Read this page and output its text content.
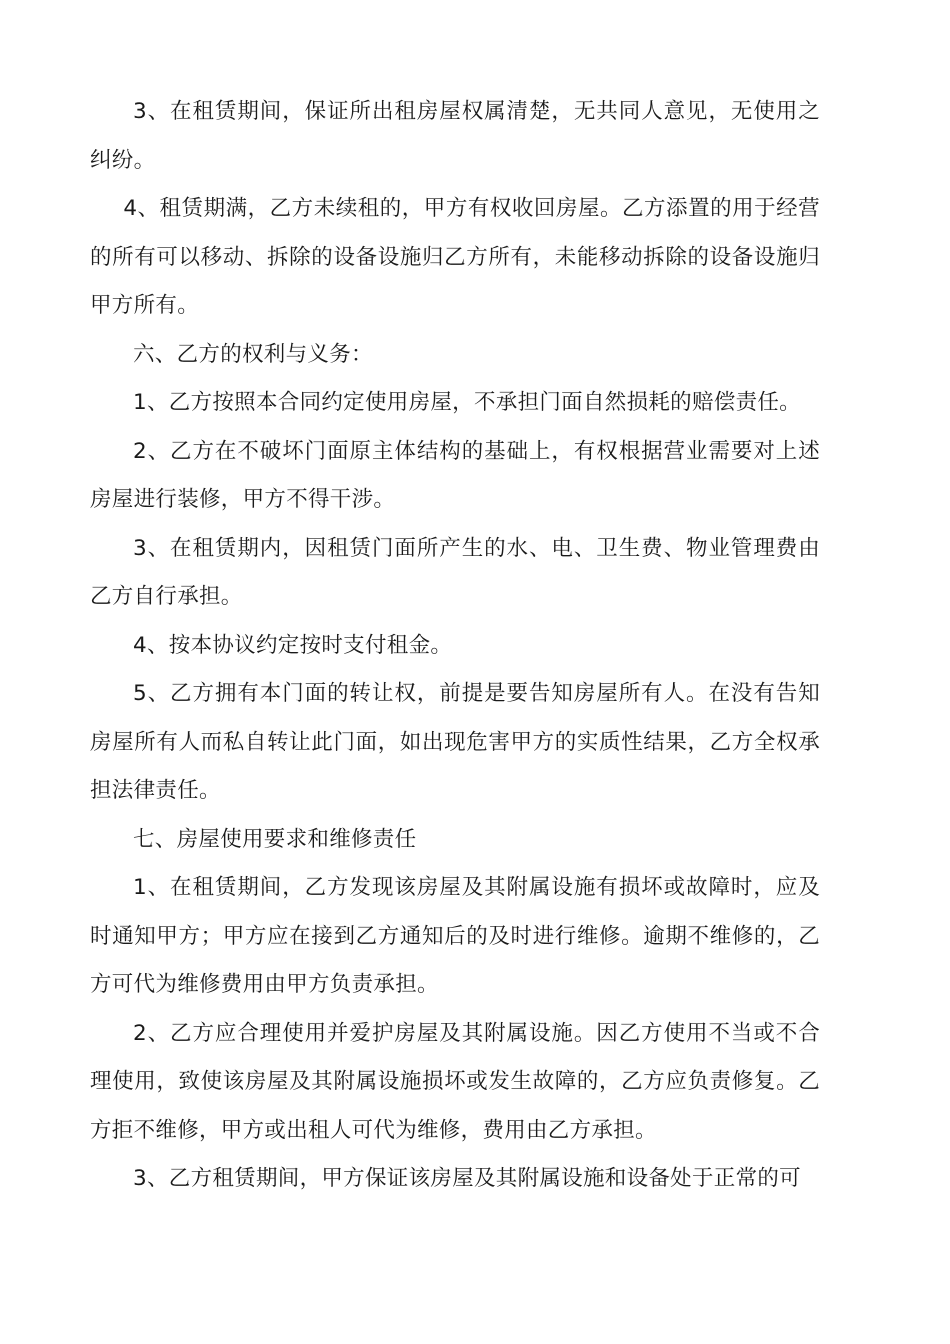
3、在租赁期间，保证所出租房屋权属清楚，无共同人意见，无使用之纠纷。

4、租赁期满，乙方未续租的，甲方有权收回房屋。乙方添置的用于经营的所有可以移动、拆除的设备设施归乙方所有，未能移动拆除的设备设施归甲方所有。

六、乙方的权利与义务：

1、乙方按照本合同约定使用房屋，不承担门面自然损耗的赔偿责任。

2、乙方在不破坏门面原主体结构的基础上，有权根据营业需要对上述房屋进行装修，甲方不得干涉。

3、在租赁期内，因租赁门面所产生的水、电、卫生费、物业管理费由乙方自行承担。

4、按本协议约定按时支付租金。

5、乙方拥有本门面的转让权，前提是要告知房屋所有人。在没有告知房屋所有人而私自转让此门面，如出现危害甲方的实质性结果，乙方全权承担法律责任。

七、房屋使用要求和维修责任

1、在租赁期间，乙方发现该房屋及其附属设施有损坏或故障时，应及时通知甲方；甲方应在接到乙方通知后的及时进行维修。逾期不维修的，乙方可代为维修费用由甲方负责承担。

2、乙方应合理使用并爱护房屋及其附属设施。因乙方使用不当或不合理使用，致使该房屋及其附属设施损坏或发生故障的，乙方应负责修复。乙方拒不维修，甲方或出租人可代为维修，费用由乙方承担。

3、乙方租赁期间，甲方保证该房屋及其附属设施和设备处于正常的可
